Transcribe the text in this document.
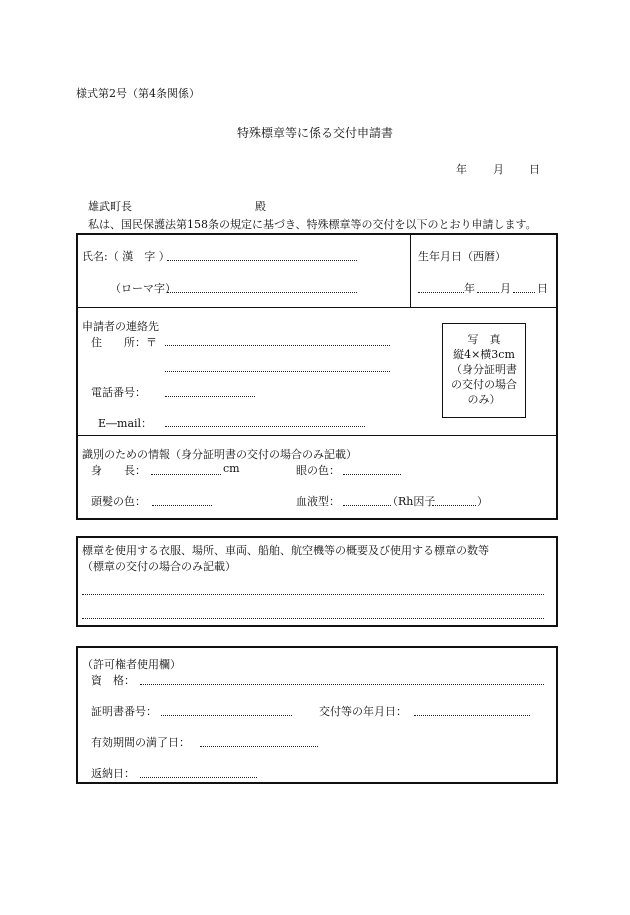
様式第2号（第4条関係）
特殊標章等に係る交付申請書
年 月 日
雄武町長	殿
私は、国民保護法第158条の規定に基づき、特殊標章等の交付を以下のとおり申請します。
氏名:（ 漢　字 ）
（ローマ字）
生年月日（西暦）
年 月 日
申請者の連絡先
住　　所：〒
電話番号：
E―mail：
写　真
縦4×横3cm
（身分証明書
の交付の場合
のみ）
識別のための情報（身分証明書の交付の場合のみ記載）
身　　長：	cm	眼の色：
頭髪の色：	血液型：	（Rh因子	）
標章を使用する衣服、場所、車両、船舶、航空機等の概要及び使用する標章の数等
（標章の交付の場合のみ記載）
（許可権者使用欄）
資　格：
証明書番号：	交付等の年月日：
有効期間の満了日：
返納日：
